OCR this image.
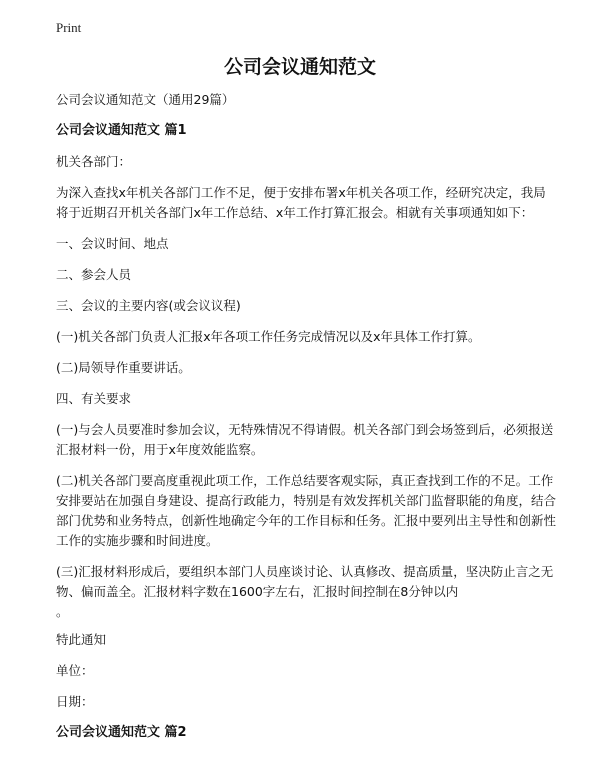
Print
公司会议通知范文

公司会议通知范文（通用29篇）

公司会议通知范文 篇1

机关各部门：

为深入查找x年机关各部门工作不足，便于安排布署x年机关各项工作，经研究决定，我局将于近期召开机关各部门x年工作总结、x年工作打算汇报会。相就有关事项通知如下：

一、会议时间、地点

二、参会人员

三、会议的主要内容(或会议议程)

(一)机关各部门负责人汇报x年各项工作任务完成情况以及x年具体工作打算。

(二)局领导作重要讲话。

四、有关要求

(一)与会人员要准时参加会议，无特殊情况不得请假。机关各部门到会场签到后，必须报送汇报材料一份，用于x年度效能监察。

(二)机关各部门要高度重视此项工作，工作总结要客观实际，真正查找到工作的不足。工作安排要站在加强自身建设、提高行政能力，特别是有效发挥机关部门监督职能的角度，结合部门优势和业务特点，创新性地确定今年的工作目标和任务。汇报中要列出主导性和创新性工作的实施步骤和时间进度。

(三)汇报材料形成后，要组织本部门人员座谈讨论、认真修改、提高质量，坚决防止言之无物、偏而盖全。汇报材料字数在1600字左右，汇报时间控制在8分钟以内

。

特此通知

单位：

日期：

公司会议通知范文 篇2
